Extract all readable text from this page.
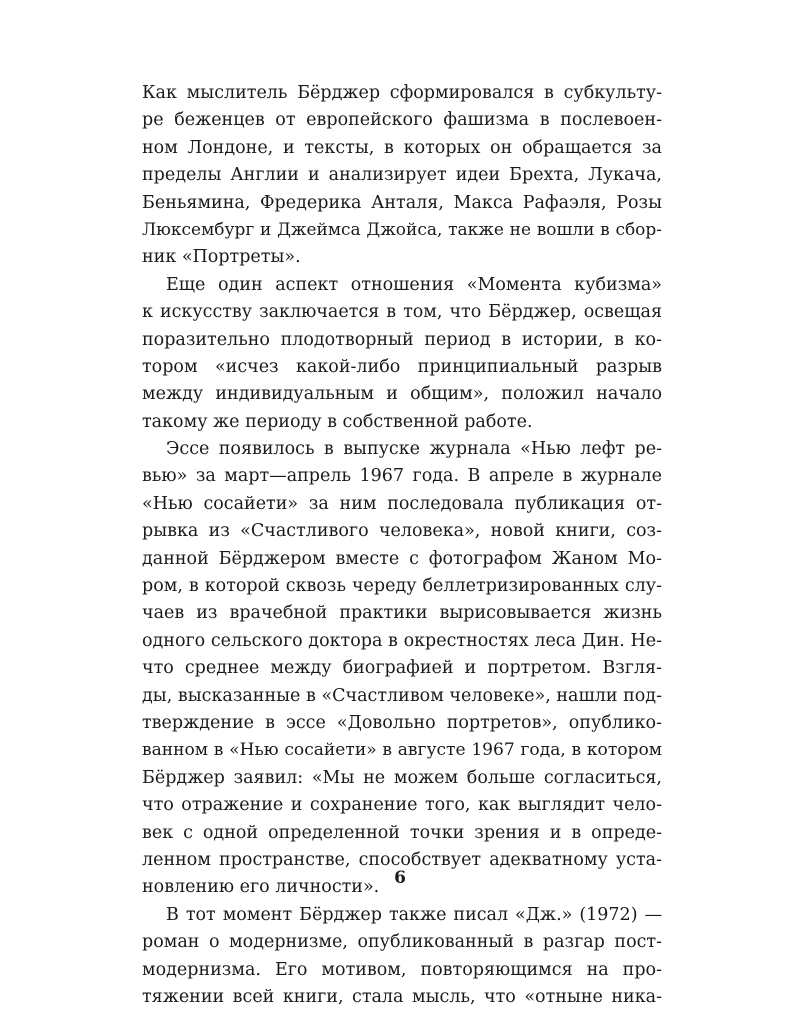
Как мыслитель Бёрджер сформировался в субкульту-
ре беженцев от европейского фашизма в послевоен-
ном Лондоне, и тексты, в которых он обращается за
пределы Англии и анализирует идеи Брехта, Лукача,
Беньямина, Фредерика Анталя, Макса Рафаэля, Розы
Люксембург и Джеймса Джойса, также не вошли в сбор-
ник «Портреты».
Еще один аспект отношения «Момента кубизма»
к искусству заключается в том, что Бёрджер, освещая
поразительно плодотворный период в истории, в ко-
тором «исчез какой-либо принципиальный разрыв
между индивидуальным и общим», положил начало
такому же периоду в собственной работе.
Эссе появилось в выпуске журнала «Нью лефт ре-
вью» за март—апрель 1967 года. В апреле в журнале
«Нью сосайети» за ним последовала публикация от-
рывка из «Счастливого человека», новой книги, соз-
данной Бёрджером вместе с фотографом Жаном Мо-
ром, в которой сквозь череду беллетризированных слу-
чаев из врачебной практики вырисовывается жизнь
одного сельского доктора в окрестностях леса Дин. Не-
что среднее между биографией и портретом. Взгля-
ды, высказанные в «Счастливом человеке», нашли под-
тверждение в эссе «Довольно портретов», опублико-
ванном в «Нью сосайети» в августе 1967 года, в котором
Бёрджер заявил: «Мы не можем больше согласиться,
что отражение и сохранение того, как выглядит чело-
век с одной определенной точки зрения и в опреде-
ленном пространстве, способствует адекватному уста-
новлению его личности».
В тот момент Бёрджер также писал «Дж.» (1972) —
роман о модернизме, опубликованный в разгар пост-
модернизма. Его мотивом, повторяющимся на про-
тяжении всей книги, стала мысль, что «отныне ника-
6
